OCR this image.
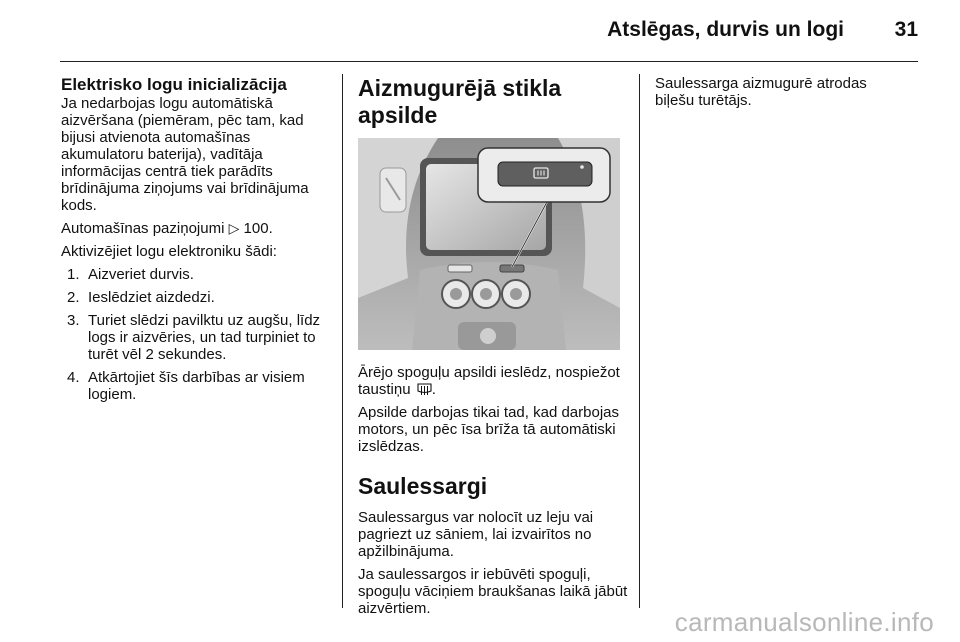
Atslēgas, durvis un logi 31
Elektrisko logu inicializācija

Ja nedarbojas logu automātiskā aizvēršana (piemēram, pēc tam, kad bijusi atvienota automašīnas akumulatoru baterija), vadītāja informācijas centrā tiek parādīts brīdinājuma ziņojums vai brīdinājuma kods.

Automašīnas paziņojumi ▷ 100.

Aktivizējiet logu elektroniku šādi:

1. Aizveriet durvis.
2. Ieslēdziet aizdedzi.
3. Turiet slēdzi pavilktu uz augšu, līdz logs ir aizvēries, un tad turpiniet to turēt vēl 2 sekundes.
4. Atkārtojiet šīs darbības ar visiem logiem.
Aizmugurējā stikla apsilde

Ārējo spoguļu apsildi ieslēdz, nospiežot taustiņu .

Apsilde darbojas tikai tad, kad darbojas motors, un pēc īsa brīža tā automātiski izslēdzas.

Saulessargi

Saulessargus var nolocīt uz leju vai pagriezt uz sāniem, lai izvairītos no apžilbinājuma.

Ja saulessargos ir iebūvēti spoguļi, spoguļu vāciņiem braukšanas laikā jābūt aizvērtiem.

Saulessarga aizmugurē atrodas biļešu turētājs.

carmanualsonline.info
